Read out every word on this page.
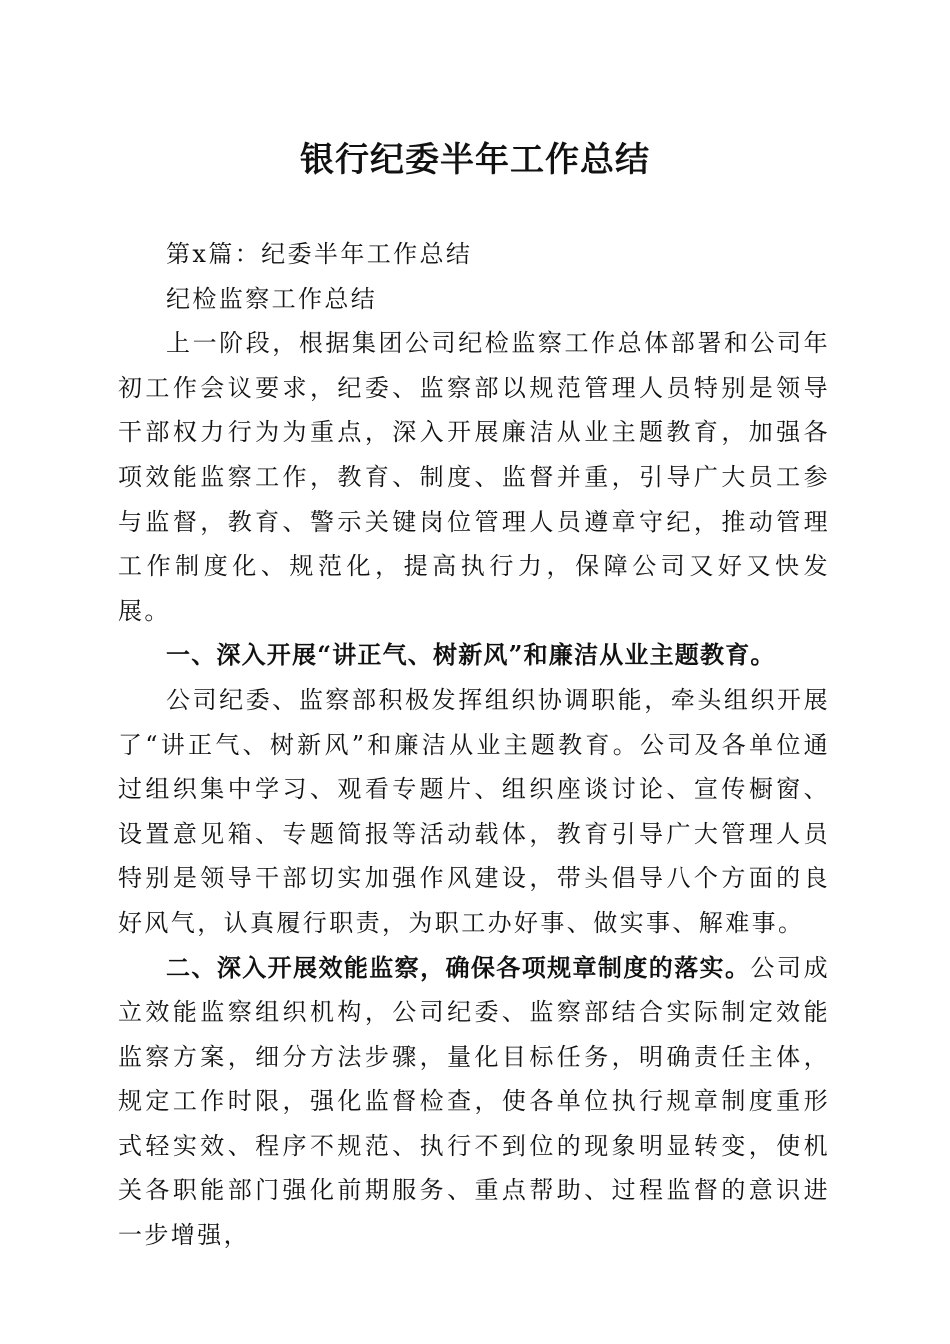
银行纪委半年工作总结

第x篇：纪委半年工作总结

纪检监察工作总结

上一阶段，根据集团公司纪检监察工作总体部署和公司年初工作会议要求，纪委、监察部以规范管理人员特别是领导干部权力行为为重点，深入开展廉洁从业主题教育，加强各项效能监察工作，教育、制度、监督并重，引导广大员工参与监督，教育、警示关键岗位管理人员遵章守纪，推动管理工作制度化、规范化，提高执行力，保障公司又好又快发展。

一、深入开展“讲正气、树新风”和廉洁从业主题教育。

公司纪委、监察部积极发挥组织协调职能，牵头组织开展了“讲正气、树新风”和廉洁从业主题教育。公司及各单位通过组织集中学习、观看专题片、组织座谈讨论、宣传橱窗、设置意见箱、专题简报等活动载体，教育引导广大管理人员特别是领导干部切实加强作风建设，带头倡导八个方面的良好风气，认真履行职责，为职工办好事、做实事、解难事。

二、深入开展效能监察，确保各项规章制度的落实。公司成立效能监察组织机构，公司纪委、监察部结合实际制定效能监察方案，细分方法步骤，量化目标任务，明确责任主体，规定工作时限，强化监督检查，使各单位执行规章制度重形式轻实效、程序不规范、执行不到位的现象明显转变，使机关各职能部门强化前期服务、重点帮助、过程监督的意识进一步增强，
